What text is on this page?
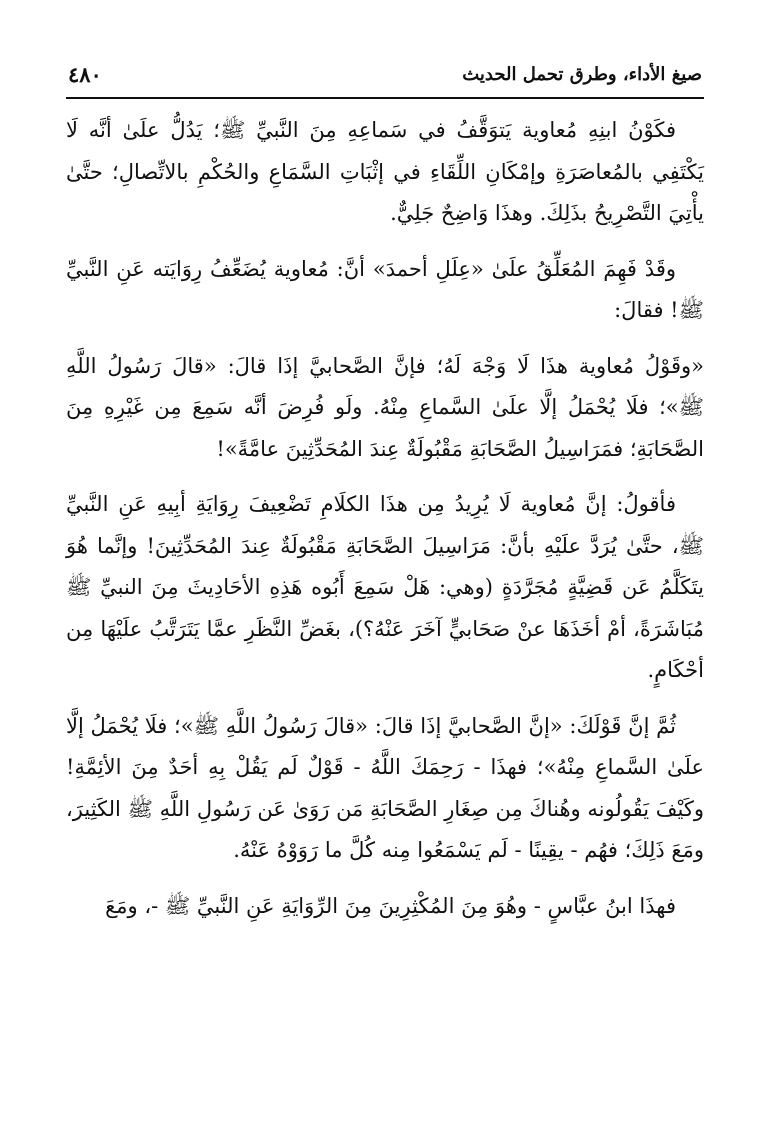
صيغ الأداء، وطرق تحمل الحديث
٤٨٠

فكَوْنُ ابنِهِ مُعاوية يَتوَقَّفُ في سَماعِهِ مِنَ النَّبيِّ ﷺ؛ يَدُلُّ علَىٰ أنَّه لَا يَكْتَفِي بالمُعاصَرَةِ وإمْكَانِ اللِّقَاءِ في إثْبَاتِ السَّمَاعِ والحُكْمِ بالاتِّصالِ؛ حتَّىٰ يأْتِيَ التَّصْرِيحُ بذَلِكَ. وهذَا وَاضِحٌ جَلِيٌّ.

وقَدْ فَهِمَ المُعَلِّقُ علَىٰ «عِلَلِ أحمدَ» أنَّ: مُعاوية يُضَعِّفُ رِوَايَته عَنِ النَّبيِّ ﷺ! فقالَ:

«وقَوْلُ مُعاوية هذَا لَا وَجْهَ لَهُ؛ فإنَّ الصَّحابيَّ إذَا قالَ: «قالَ رَسُولُ اللَّهِ ﷺ»؛ فلَا يُحْمَلُ إلَّا علَىٰ السَّماعِ مِنْهُ. ولَو فُرِضَ أنَّه سَمِعَ مِن غَيْرِهِ مِنَ الصَّحَابَةِ؛ فمَرَاسِيلُ الصَّحَابَةِ مَقْبُولَةٌ عِندَ المُحَدِّثِينَ عامَّةً»!

فأقولُ: إنَّ مُعاوية لَا يُرِيدُ مِن هذَا الكلَامِ تَضْعِيفَ رِوَايَةِ أبِيهِ عَنِ النَّبيِّ ﷺ، حتَّىٰ يُرَدَّ علَيْهِ بأنَّ: مَرَاسِيلَ الصَّحَابَةِ مَقْبُولَةٌ عِندَ المُحَدِّثِينَ! وإنَّما هُوَ يتَكَلَّمُ عَن قَضِيَّةٍ مُجَرَّدَةٍ (وهي: هَلْ سَمِعَ أَبُوه هَذِهِ الأحَادِيثَ مِنَ النبيِّ ﷺ مُبَاشَرَةً، أمْ أخَذَهَا عنْ صَحَابيٍّ آخَرَ عَنْهُ؟)، بغَضِّ النَّظَرِ عمَّا يَتَرَتَّبُ علَيْهَا مِن أحْكَامٍ.

ثُمَّ إنَّ قَوْلَكَ: «إنَّ الصَّحابيَّ إذَا قالَ: «قالَ رَسُولُ اللَّهِ ﷺ»؛ فلَا يُحْمَلُ إلَّا علَىٰ السَّماعِ مِنْهُ»؛ فهذَا - رَحِمَكَ اللَّهُ - قَوْلٌ لَم يَقُلْ بِهِ أحَدٌ مِنَ الأئِمَّةِ! وكَيْفَ يَقُولُونه وهُناكَ مِن صِغَارِ الصَّحَابَةِ مَن رَوَىٰ عَن رَسُولِ اللَّهِ ﷺ الكَثِيرَ، ومَعَ ذَلِكَ؛ فهُم - يقِينًا - لَم يَسْمَعُوا مِنه كُلَّ ما رَوَوْهُ عَنْهُ.

فهذَا ابنُ عبَّاسٍ - وهُوَ مِنَ المُكْثِرِينَ مِنَ الرِّوَايَةِ عَنِ النَّبيِّ ﷺ -، ومَعَ
